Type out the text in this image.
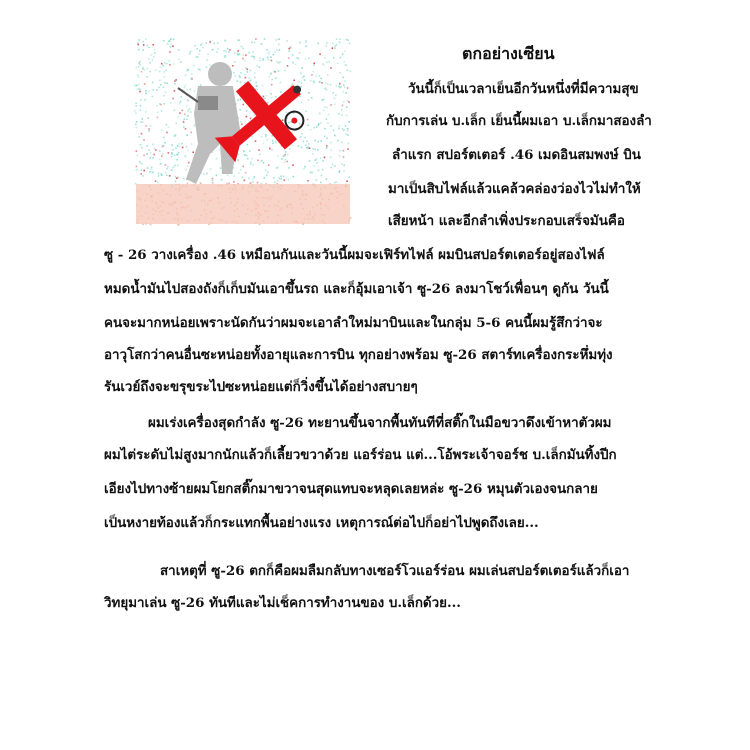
ตกอย่างเซียน
วันนี้ก็เป็นเวลาเย็นอีกวันหนึ่งที่มีความสุข
กับการเล่น บ.เล็ก เย็นนี้ผมเอา บ.เล็กมาสองลำ
ลำแรก สปอร์ตเตอร์ .46 เมดอินสมพงษ์ บิน
มาเป็นสิบไฟล์แล้วแคล้วคล่องว่องไวไม่ทำให้
เสียหน้า และอีกลำเพิ่งประกอบเสร็จมันคือ
ซู - 26 วางเครื่อง .46 เหมือนกันและวันนี้ผมจะเฟิร์ทไฟล์ ผมบินสปอร์ตเตอร์อยู่สองไฟล์
หมดน้ำมันไปสองถังก็เก็บมันเอาขึ้นรถ และก็อุ้มเอาเจ้า ซู-26 ลงมาโชว์เพื่อนๆ ดูกัน วันนี้
คนจะมากหน่อยเพราะนัดกันว่าผมจะเอาลำใหม่มาบินและในกลุ่ม 5-6 คนนี้ผมรู้สึกว่าจะ
อาวุโสกว่าคนอื่นซะหน่อยทั้งอายุและการบิน ทุกอย่างพร้อม ซู-26 สตาร์ทเครื่องกระหึ่มทุ่ง
รันเวย์ถึงจะขรุขระไปซะหน่อยแต่ก็วิ่งขึ้นได้อย่างสบายๆ
ผมเร่งเครื่องสุดกำลัง ซู-26 ทะยานขึ้นจากพื้นทันทีที่สติ๊กในมือขวาดึงเข้าหาตัวผม
ผมไต่ระดับไม่สูงมากนักแล้วก็เลี้ยวขวาด้วย แอร์ร่อน แต่...โอ้พระเจ้าจอร์ช บ.เล็กมันทิ้งปีก
เอียงไปทางซ้ายผมโยกสติ๊กมาขวาจนสุดแทบจะหลุดเลยหล่ะ ซู-26 หมุนตัวเองจนกลาย
เป็นหงายท้องแล้วก็กระแทกพื้นอย่างแรง เหตุการณ์ต่อไปก็อย่าไปพูดถึงเลย...
สาเหตุที่ ซู-26 ตกก็คือผมลืมกลับทางเซอร์โวแอร์ร่อน ผมเล่นสปอร์ตเตอร์แล้วก็เอา
วิทยุมาเล่น ซู-26 ทันทีและไม่เช็คการทำงานของ บ.เล็กด้วย...
